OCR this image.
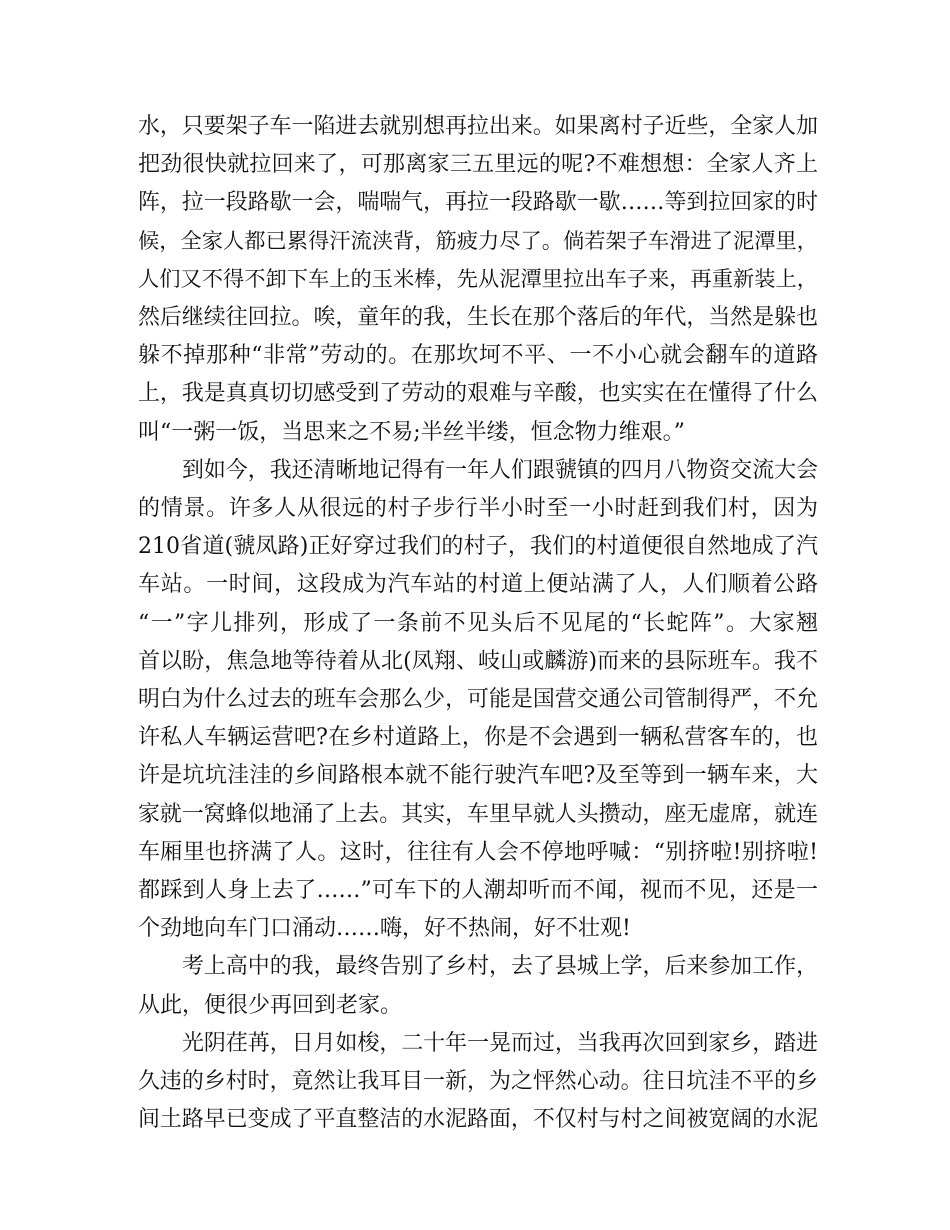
水，只要架子车一陷进去就别想再拉出来。如果离村子近些，全家人加
把劲很快就拉回来了，可那离家三五里远的呢?不难想想：全家人齐上
阵，拉一段路歇一会，喘喘气，再拉一段路歇一歇……等到拉回家的时
候，全家人都已累得汗流浃背，筋疲力尽了。倘若架子车滑进了泥潭里，
人们又不得不卸下车上的玉米棒，先从泥潭里拉出车子来，再重新装上，
然后继续往回拉。唉，童年的我，生长在那个落后的年代，当然是躲也
躲不掉那种“非常”劳动的。在那坎坷不平、一不小心就会翻车的道路
上，我是真真切切感受到了劳动的艰难与辛酸，也实实在在懂得了什么
叫“一粥一饭，当思来之不易;半丝半缕，恒念物力维艰。”
到如今，我还清晰地记得有一年人们跟虢镇的四月八物资交流大会
的情景。许多人从很远的村子步行半小时至一小时赶到我们村，因为
210省道(虢凤路)正好穿过我们的村子，我们的村道便很自然地成了汽
车站。一时间，这段成为汽车站的村道上便站满了人，人们顺着公路
“一”字儿排列，形成了一条前不见头后不见尾的“长蛇阵”。大家翘
首以盼，焦急地等待着从北(凤翔、岐山或麟游)而来的县际班车。我不
明白为什么过去的班车会那么少，可能是国营交通公司管制得严，不允
许私人车辆运营吧?在乡村道路上，你是不会遇到一辆私营客车的，也
许是坑坑洼洼的乡间路根本就不能行驶汽车吧?及至等到一辆车来，大
家就一窝蜂似地涌了上去。其实，车里早就人头攒动，座无虚席，就连
车厢里也挤满了人。这时，往往有人会不停地呼喊：“别挤啦!别挤啦!
都踩到人身上去了……”可车下的人潮却听而不闻，视而不见，还是一
个劲地向车门口涌动……嗨，好不热闹，好不壮观!
考上高中的我，最终告别了乡村，去了县城上学，后来参加工作，
从此，便很少再回到老家。
光阴荏苒，日月如梭，二十年一晃而过，当我再次回到家乡，踏进
久违的乡村时，竟然让我耳目一新，为之怦然心动。往日坑洼不平的乡
间土路早已变成了平直整洁的水泥路面，不仅村与村之间被宽阔的水泥
